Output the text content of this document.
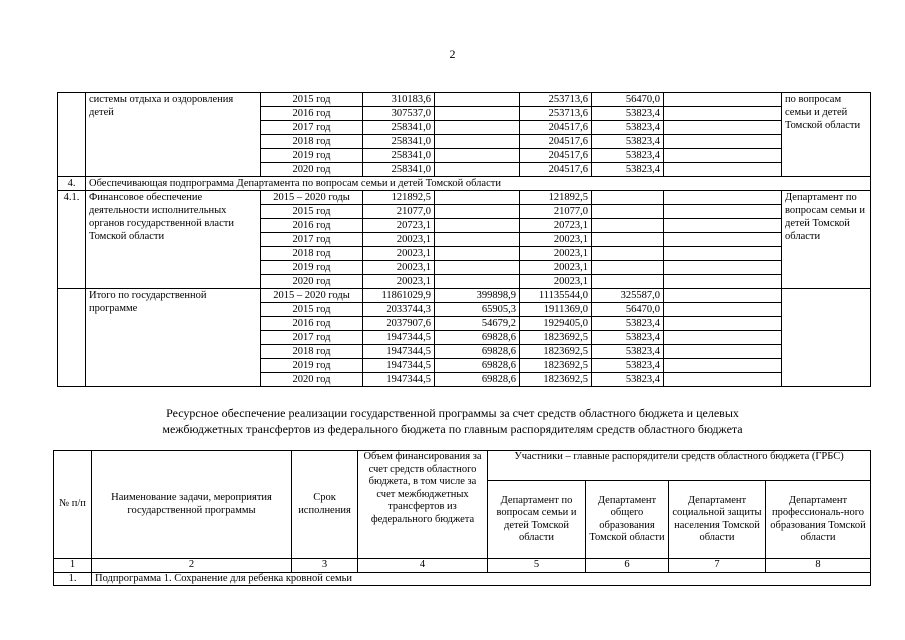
2
	системы отдыха и оздоровления детей	2015 год	310183,6		253713,6	56470,0		по вопросам семьи и детей Томской области
		2016 год	307537,0		253713,6	53823,4		
		2017 год	258341,0		204517,6	53823,4		
		2018 год	258341,0		204517,6	53823,4		
		2019 год	258341,0		204517,6	53823,4		
		2020 год	258341,0		204517,6	53823,4		
4.	Обеспечивающая подпрограмма Департамента по вопросам семьи и детей Томской области							
4.1.	Финансовое обеспечение деятельности исполнительных органов государственной власти Томской области	2015 – 2020 годы	121892,5		121892,5			Департамент по вопросам семьи и детей Томской области
		2015 год	21077,0		21077,0			
		2016 год	20723,1		20723,1			
		2017 год	20023,1		20023,1			
		2018 год	20023,1		20023,1			
		2019 год	20023,1		20023,1			
		2020 год	20023,1		20023,1			
	Итого по государственной программе	2015 – 2020 годы	11861029,9	399898,9	11135544,0	325587,0		
		2015 год	2033744,3	65905,3	1911369,0	56470,0		
		2016 год	2037907,6	54679,2	1929405,0	53823,4		
		2017 год	1947344,5	69828,6	1823692,5	53823,4		
		2018 год	1947344,5	69828,6	1823692,5	53823,4		
		2019 год	1947344,5	69828,6	1823692,5	53823,4		
		2020 год	1947344,5	69828,6	1823692,5	53823,4		
Ресурсное обеспечение реализации государственной программы за счет средств областного бюджета и целевых
межбюджетных трансфертов из федерального бюджета по главным распорядителям средств областного бюджета
№ п/п	Наименование задачи, мероприятия государственной программы	Срок исполнения	Объем финансирования за счет средств областного бюджета, в том числе за счет межбюджетных трансфертов из федерального бюджета	Участники – главные распорядители средств областного бюджета (ГРБС)			
				Департамент по вопросам семьи и детей Томской области	Департамент общего образования Томской области	Департамент социальной защиты населения Томской области	Департамент профессиональ-ного образования Томской области
1	2	3	4	5	6	7	8
1.	Подпрограмма 1. Сохранение для ребенка кровной семьи						
